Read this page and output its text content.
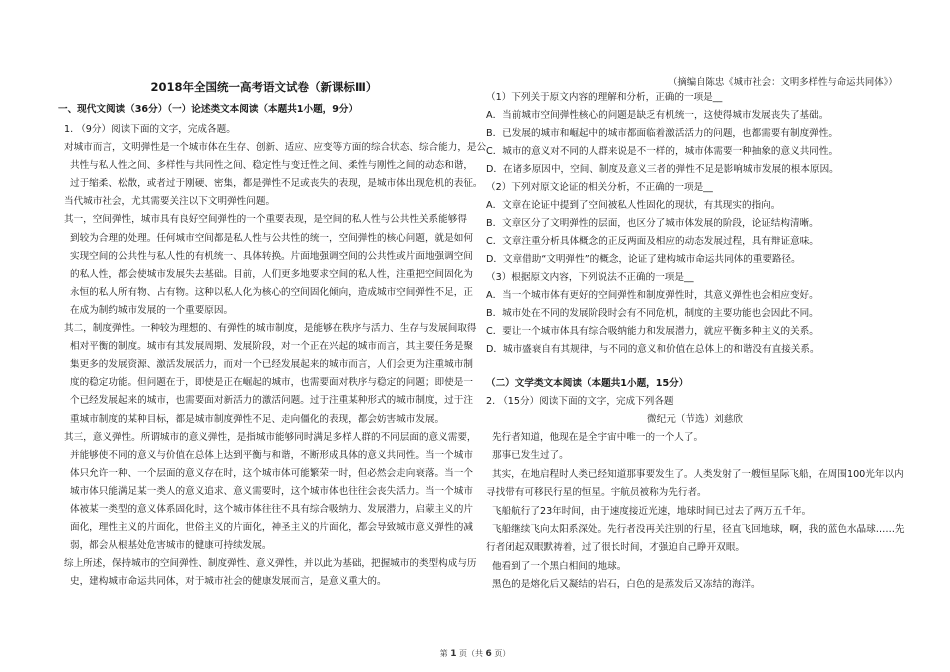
2018年全国统一高考语文试卷（新课标Ⅲ）
一、现代文阅读（36分）（一）论述类文本阅读（本题共1小题，9分）
1. （9分）阅读下面的文字，完成各题。
对城市而言，文明弹性是一个城市体在生存、创新、适应、应变等方面的综合状态、综合能力，是公
共性与私人性之间、多样性与共同性之间、稳定性与变迁性之间、柔性与刚性之间的动态和谐，
过于缩柔、松散，或者过于刚硬、密集，都是弹性不足或丧失的表现，是城市体出现危机的表征。
当代城市社会，尤其需要关注以下文明弹性问题。
其一，空间弹性，城市具有良好空间弹性的一个重要表现，是空间的私人性与公共性关系能够得
到较为合理的处理。任何城市空间都是私人性与公共性的统一，空间弹性的核心问题，就是如何
实现空间的公共性与私人性的有机统一、具体转换。片面地强调空间的公共性或片面地强调空间
的私人性，都会使城市发展失去基础。目前，人们更多地要求空间的私人性，注重把空间固化为
永恒的私人所有物、占有物。这种以私人化为核心的空间固化倾向，造成城市空间弹性不足，正
在成为制约城市发展的一个重要原因。
其二，制度弹性。一种较为理想的、有弹性的城市制度，是能够在秩序与活力、生存与发展间取得
相对平衡的制度。城市有其发展周期、发展阶段，对一个正在兴起的城市而言，其主要任务是聚
集更多的发展资源、激活发展活力，而对一个已经发展起来的城市而言，人们会更为注重城市制
度的稳定功能。但问题在于，即使是正在崛起的城市，也需要面对秩序与稳定的问题；即使是一
个已经发展起来的城市，也需要面对新活力的激活问题。过于注重某种形式的城市制度，过于注
重城市制度的某种目标，都是城市制度弹性不足、走向僵化的表现，都会妨害城市发展。
其三，意义弹性。所谓城市的意义弹性，是指城市能够同时满足多样人群的不同层面的意义需要，
并能够使不同的意义与价值在总体上达到平衡与和谐，不断形成具体的意义共同性。当一个城市
体只允许一种、一个层面的意义存在时，这个城市体可能繁荣一时，但必然会走向衰落。当一个
城市体只能满足某一类人的意义追求、意义需要时，这个城市体也往往会丧失活力。当一个城市
体被某一类型的意义体系固化时，这个城市体往往不具有综合吸纳力、发展潜力，启蒙主义的片
面化，理性主义的片面化，世俗主义的片面化，神圣主义的片面化，都会导致城市意义弹性的减
弱，都会从根基处危害城市的健康可持续发展。
综上所述，保持城市的空间弹性、制度弹性、意义弹性，并以此为基础，把握城市的类型构成与历
史，建构城市命运共同体，对于城市社会的健康发展而言，是意义重大的。
（摘编自陈忠《城市社会：文明多样性与命运共同体》）
（1）下列关于原文内容的理解和分析，正确的一项是__
A．当前城市空间弹性核心的问题是缺乏有机统一，这使得城市发展丧失了基础。
B．已发展的城市和崛起中的城市都面临着激活活力的问题，也都需要有制度弹性。
C．城市的意义对不同的人群来说是不一样的，城市体需要一种抽象的意义共同性。
D．在诸多原因中，空间、制度及意义三者的弹性不足是影响城市发展的根本原因。
（2）下列对原文论证的相关分析，不正确的一项是__
A．文章在论证中提到了空间被私人性固化的现状，有其现实的指向。
B．文章区分了文明弹性的层面，也区分了城市体发展的阶段，论证结构清晰。
C．文章注重分析具体概念的正反两面及相应的动态发展过程，具有辩证意味。
D．文章借助“文明弹性”的概念，论证了建构城市命运共同体的重要路径。
（3）根据原文内容，下列说法不正确的一项是__
A．当一个城市体有更好的空间弹性和制度弹性时，其意义弹性也会相应变好。
B．城市处在不同的发展阶段时会有不同危机，制度的主要功能也会因此不同。
C．要让一个城市体具有综合吸纳能力和发展潜力，就应平衡多种主义的关系。
D．城市盛衰自有其规律，与不同的意义和价值在总体上的和谐没有直接关系。
（二）文学类文本阅读（本题共1小题，15分）
2. （15分）阅读下面的文字，完成下列各题
微纪元（节选）刘慈欣
先行者知道，他现在是全宇宙中唯一的一个人了。
那事已发生过了。
其实，在地启程时人类已经知道那事要发生了。人类发射了一艘恒星际飞船，在周围100光年以内
寻找带有可移民行星的恒星。宇航员被称为先行者。
飞船航行了23年时间，由于速度接近光速，地球时间已过去了两万五千年。
飞船继续飞向太阳系深处。先行者没再关注别的行星，径直飞回地球，啊，我的蓝色水晶球……先
行者闭起双眼默祷着，过了很长时间，才强迫自己睁开双眼。
他看到了一个黑白相间的地球。
黑色的是熔化后又凝结的岩石，白色的是蒸发后又冻结的海洋。
第 1 页（共 6 页）
